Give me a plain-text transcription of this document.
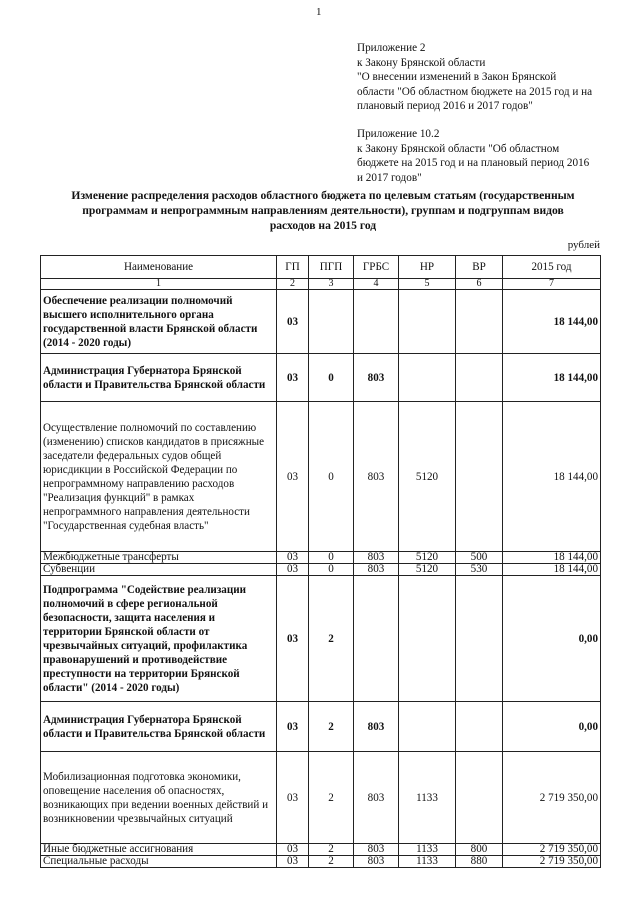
1
Приложение 2
к Закону Брянской области
"О внесении изменений в Закон Брянской
области "Об областном бюджете на 2015 год и на
плановый период 2016 и 2017 годов"
Приложение 10.2
к Закону Брянской области "Об областном
бюджете на 2015 год и на плановый период 2016
и 2017 годов"
Изменение распределения расходов областного бюджета по целевым статьям (государственным программам и непрограммным направлениям деятельности), группам и подгруппам видов расходов на 2015 год
рублей
Наименование	ГП	ПГП	ГРБС	НР	ВР	2015 год
1	2	3	4	5	6	7
Обеспечение реализации полномочий высшего исполнительного органа государственной власти Брянской области (2014 - 2020 годы)	03					18 144,00
Администрация Губернатора Брянской области и Правительства Брянской области	03	0	803			18 144,00
Осуществление полномочий по составлению (изменению) списков кандидатов в присяжные заседатели федеральных судов общей юрисдикции в Российской Федерации по непрограммному направлению расходов "Реализация функций" в рамках непрограммного направления деятельности "Государственная судебная власть"	03	0	803	5120		18 144,00
Межбюджетные трансферты	03	0	803	5120	500	18 144,00
Субвенции	03	0	803	5120	530	18 144,00
Подпрограмма "Содействие реализации полномочий в сфере региональной безопасности, защита населения и территории Брянской области от чрезвычайных ситуаций, профилактика правонарушений и противодействие преступности на территории Брянской области" (2014 - 2020 годы)	03	2				0,00
Администрация Губернатора Брянской области и Правительства Брянской области	03	2	803			0,00
Мобилизационная подготовка экономики, оповещение населения об опасностях, возникающих при ведении военных действий и возникновении чрезвычайных ситуаций	03	2	803	1133		2 719 350,00
Иные бюджетные ассигнования	03	2	803	1133	800	2 719 350,00
Специальные расходы	03	2	803	1133	880	2 719 350,00
